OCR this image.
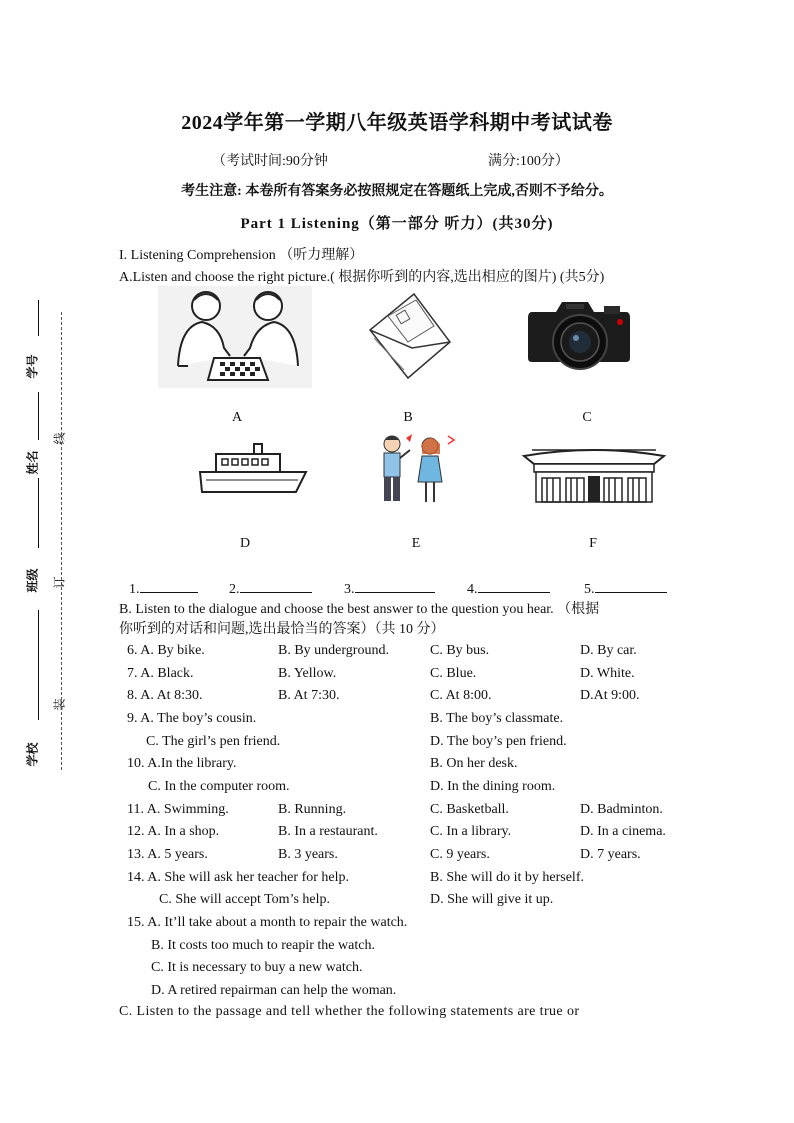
学号
姓名
班级
学校
线
订
装
2024学年第一学期八年级英语学科期中考试试卷
（考试时间:90分钟	满分:100分）
考生注意: 本卷所有答案务必按照规定在答题纸上完成,否则不予给分。
Part 1 Listening（第一部分 听力）(共30分)
I. Listening Comprehension （听力理解）
A.Listen and choose the right picture.( 根据你听到的内容,选出相应的图片) (共5分)
A	B	C
D	E	F
1.	2.	3.	4.	5.
B. Listen to the dialogue and choose the best answer to the question you hear. （根据
你听到的对话和问题,选出最恰当的答案）（共 10 分）
6. A. By bike.	B. By underground.	C. By bus.	D. By car.
7. A. Black.	B. Yellow.	C. Blue.	D. White.
8. A. At 8:30.	B. At 7:30.	C. At 8:00.	D.At 9:00.
9. A. The boy’s cousin.	B. The boy’s classmate.
C. The girl’s pen friend.	D. The boy’s pen friend.
10. A.In the library.	B. On her desk.
C. In the computer room.	D. In the dining room.
11. A. Swimming.	B. Running.	C. Basketball.	D. Badminton.
12. A. In a shop.	B. In a restaurant.	C. In a library.	D. In a cinema.
13. A. 5 years.	B. 3 years.	C. 9 years.	D. 7 years.
14. A. She will ask her teacher for help.	B. She will do it by herself.
C. She will accept Tom’s help.	D. She will give it up.
15. A. It’ll take about a month to repair the watch.
B. It costs too much to reapir the watch.
C. It is necessary to buy a new watch.
D. A retired repairman can help the woman.
C. Listen to the passage and tell whether the following statements are true or
